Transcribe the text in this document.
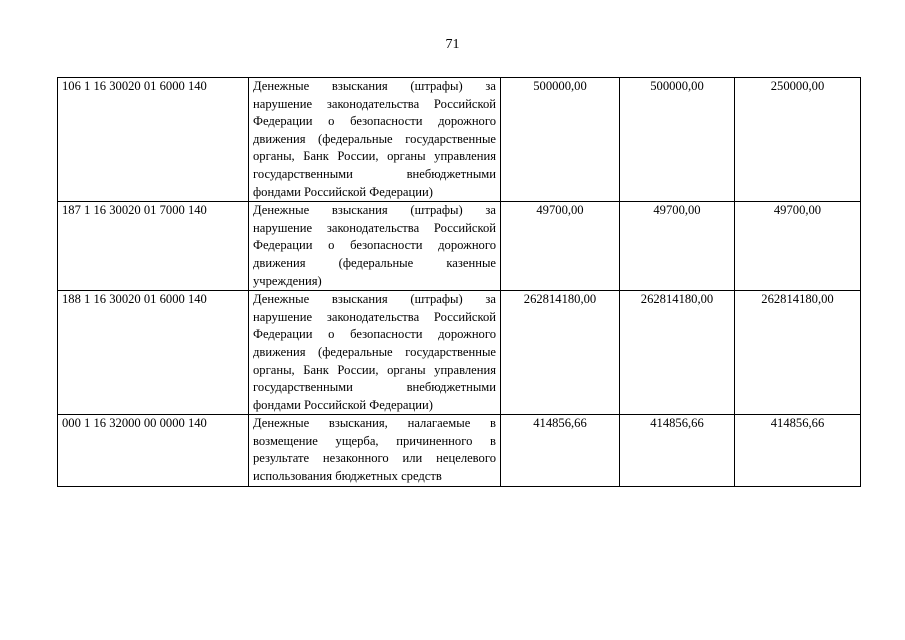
71
106 1 16 30020 01 6000 140	Денежные взыскания (штрафы) за нарушение законодательства Российской Федерации о безопасности дорожного движения (федеральные государственные органы, Банк России, органы управления государственными внебюджетными фондами Российской Федерации)	500000,00	500000,00	250000,00
187 1 16 30020 01 7000 140	Денежные взыскания (штрафы) за нарушение законодательства Российской Федерации о безопасности дорожного движения (федеральные казенные учреждения)	49700,00	49700,00	49700,00
188 1 16 30020 01 6000 140	Денежные взыскания (штрафы) за нарушение законодательства Российской Федерации о безопасности дорожного движения (федеральные государственные органы, Банк России, органы управления государственными внебюджетными фондами Российской Федерации)	262814180,00	262814180,00	262814180,00
000 1 16 32000 00 0000 140	Денежные взыскания, налагаемые в возмещение ущерба, причиненного в результате незаконного или нецелевого использования бюджетных средств	414856,66	414856,66	414856,66
